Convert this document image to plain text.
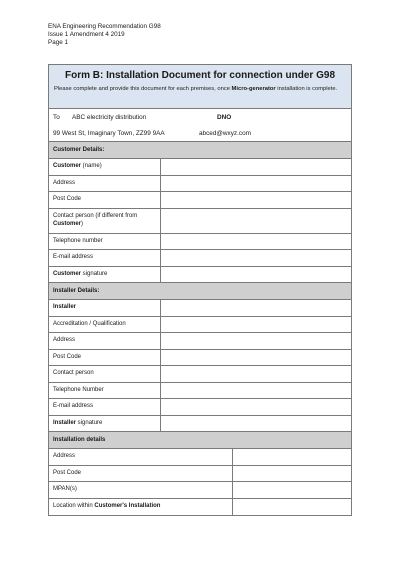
ENA Engineering Recommendation G98
Issue 1 Amendment 4 2019
Page 1
Form B: Installation Document for connection under G98
Please complete and provide this document for each premises, once Micro-generator installation is complete.
To ABC electricity distribution	DNO
99 West St, Imaginary Town, ZZ99 9AA	abced@wxyz.com
Customer Details:
Customer (name)
Address
Post Code
Contact person (if different from Customer)
Telephone number
E-mail address
Customer signature
Installer Details:
Installer
Accreditation / Qualification
Address
Post Code
Contact person
Telephone Number
E-mail address
Installer signature
Installation details
Address
Post Code
MPAN(s)
Location within Customer's Installation
